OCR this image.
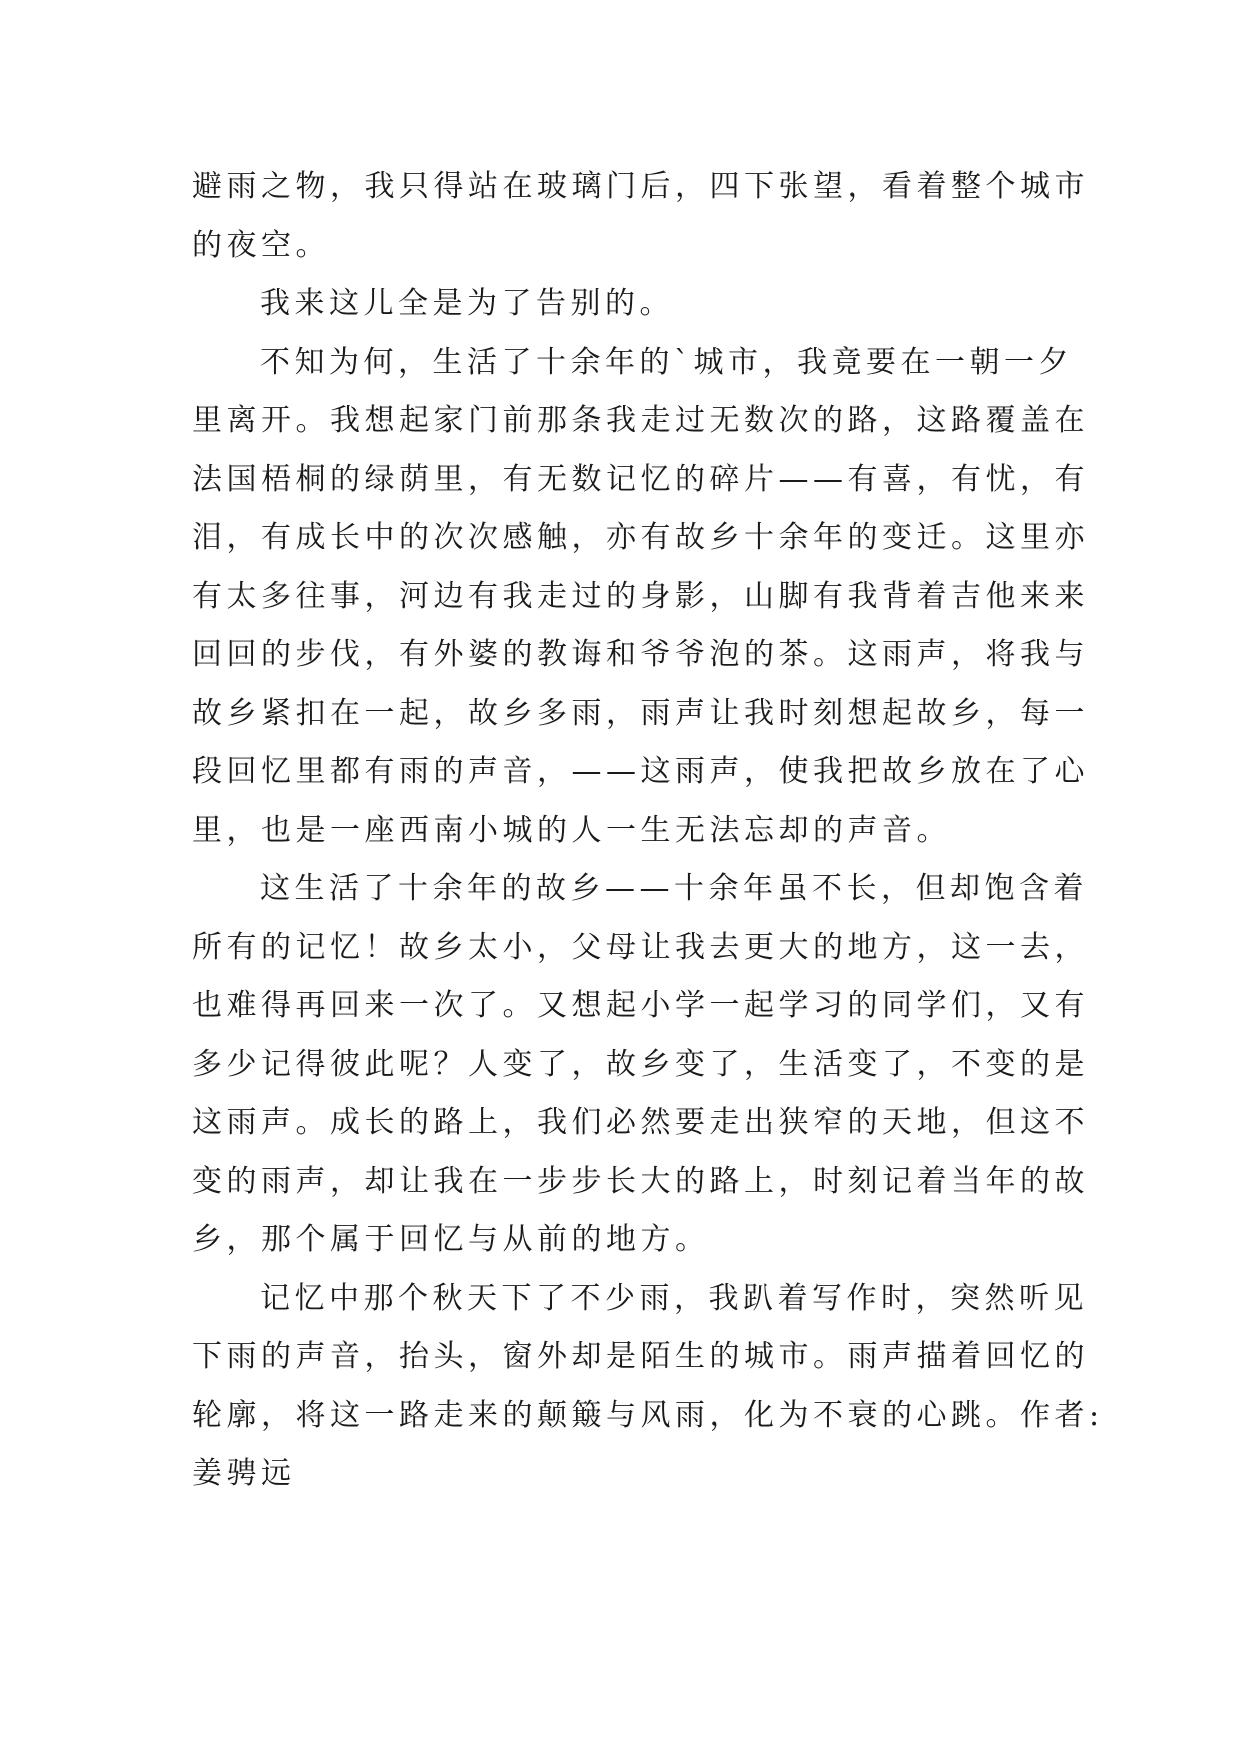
避雨之物，我只得站在玻璃门后，四下张望，看着整个城市
的夜空。
我来这儿全是为了告别的。
不知为何，生活了十余年的`城市，我竟要在一朝一夕
里离开。我想起家门前那条我走过无数次的路，这路覆盖在
法国梧桐的绿荫里，有无数记忆的碎片——有喜，有忧，有
泪，有成长中的次次感触，亦有故乡十余年的变迁。这里亦
有太多往事，河边有我走过的身影，山脚有我背着吉他来来
回回的步伐，有外婆的教诲和爷爷泡的茶。这雨声，将我与
故乡紧扣在一起，故乡多雨，雨声让我时刻想起故乡，每一
段回忆里都有雨的声音，——这雨声，使我把故乡放在了心
里，也是一座西南小城的人一生无法忘却的声音。
这生活了十余年的故乡——十余年虽不长，但却饱含着
所有的记忆！故乡太小，父母让我去更大的地方，这一去，
也难得再回来一次了。又想起小学一起学习的同学们，又有
多少记得彼此呢？人变了，故乡变了，生活变了，不变的是
这雨声。成长的路上，我们必然要走出狭窄的天地，但这不
变的雨声，却让我在一步步长大的路上，时刻记着当年的故
乡，那个属于回忆与从前的地方。
记忆中那个秋天下了不少雨，我趴着写作时，突然听见
下雨的声音，抬头，窗外却是陌生的城市。雨声描着回忆的
轮廓，将这一路走来的颠簸与风雨，化为不衰的心跳。作者:
姜骋远
